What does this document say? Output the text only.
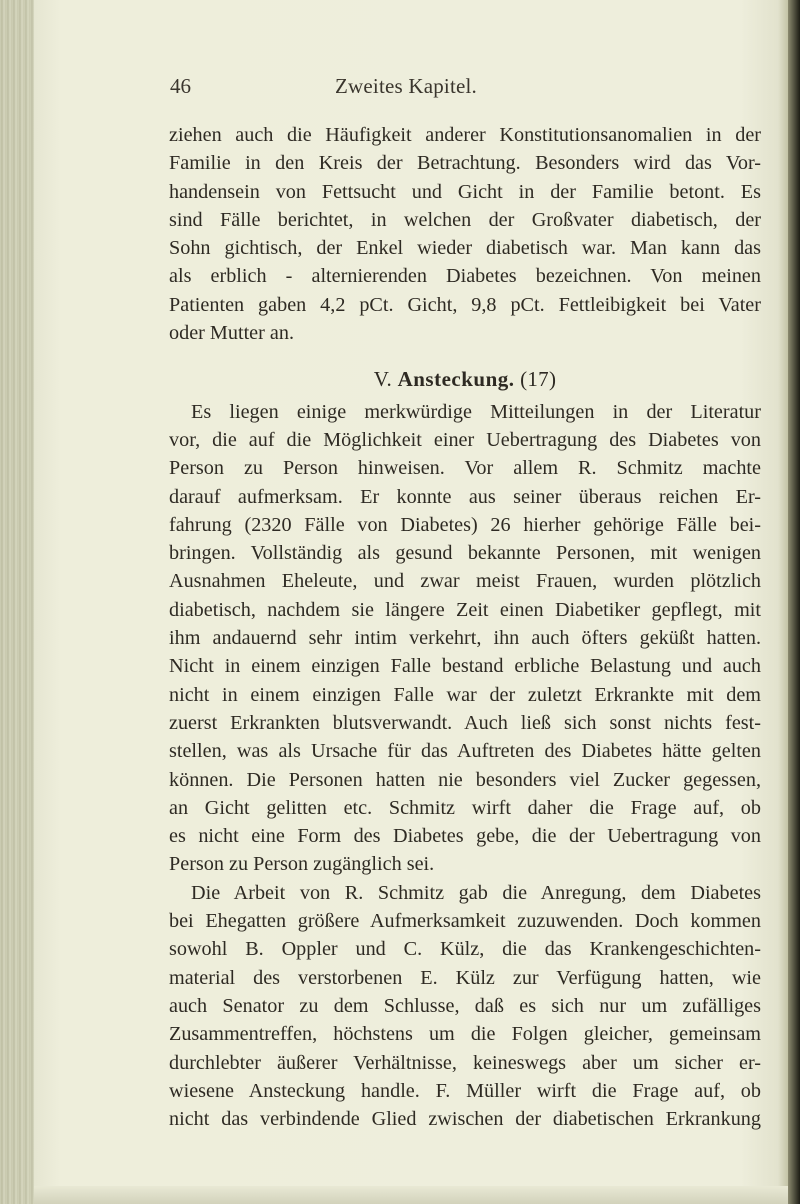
46	Zweites Kapitel.
ziehen auch die Häufigkeit anderer Konstitutionsanomalien in der
Familie in den Kreis der Betrachtung. Besonders wird das Vor-
handensein von Fettsucht und Gicht in der Familie betont. Es
sind Fälle berichtet, in welchen der Großvater diabetisch, der
Sohn gichtisch, der Enkel wieder diabetisch war. Man kann das
als erblich - alternierenden Diabetes bezeichnen. Von meinen
Patienten gaben 4,2 pCt. Gicht, 9,8 pCt. Fettleibigkeit bei Vater
oder Mutter an.
V. Ansteckung. (17)
Es liegen einige merkwürdige Mitteilungen in der Literatur
vor, die auf die Möglichkeit einer Uebertragung des Diabetes von
Person zu Person hinweisen. Vor allem R. Schmitz machte
darauf aufmerksam. Er konnte aus seiner überaus reichen Er-
fahrung (2320 Fälle von Diabetes) 26 hierher gehörige Fälle bei-
bringen. Vollständig als gesund bekannte Personen, mit wenigen
Ausnahmen Eheleute, und zwar meist Frauen, wurden plötzlich
diabetisch, nachdem sie längere Zeit einen Diabetiker gepflegt, mit
ihm andauernd sehr intim verkehrt, ihn auch öfters geküßt hatten.
Nicht in einem einzigen Falle bestand erbliche Belastung und auch
nicht in einem einzigen Falle war der zuletzt Erkrankte mit dem
zuerst Erkrankten blutsverwandt. Auch ließ sich sonst nichts fest-
stellen, was als Ursache für das Auftreten des Diabetes hätte gelten
können. Die Personen hatten nie besonders viel Zucker gegessen,
an Gicht gelitten etc. Schmitz wirft daher die Frage auf, ob
es nicht eine Form des Diabetes gebe, die der Uebertragung von
Person zu Person zugänglich sei.
Die Arbeit von R. Schmitz gab die Anregung, dem Diabetes
bei Ehegatten größere Aufmerksamkeit zuzuwenden. Doch kommen
sowohl B. Oppler und C. Külz, die das Krankengeschichten-
material des verstorbenen E. Külz zur Verfügung hatten, wie
auch Senator zu dem Schlusse, daß es sich nur um zufälliges
Zusammentreffen, höchstens um die Folgen gleicher, gemeinsam
durchlebter äußerer Verhältnisse, keineswegs aber um sicher er-
wiesene Ansteckung handle. F. Müller wirft die Frage auf, ob
nicht das verbindende Glied zwischen der diabetischen Erkrankung
